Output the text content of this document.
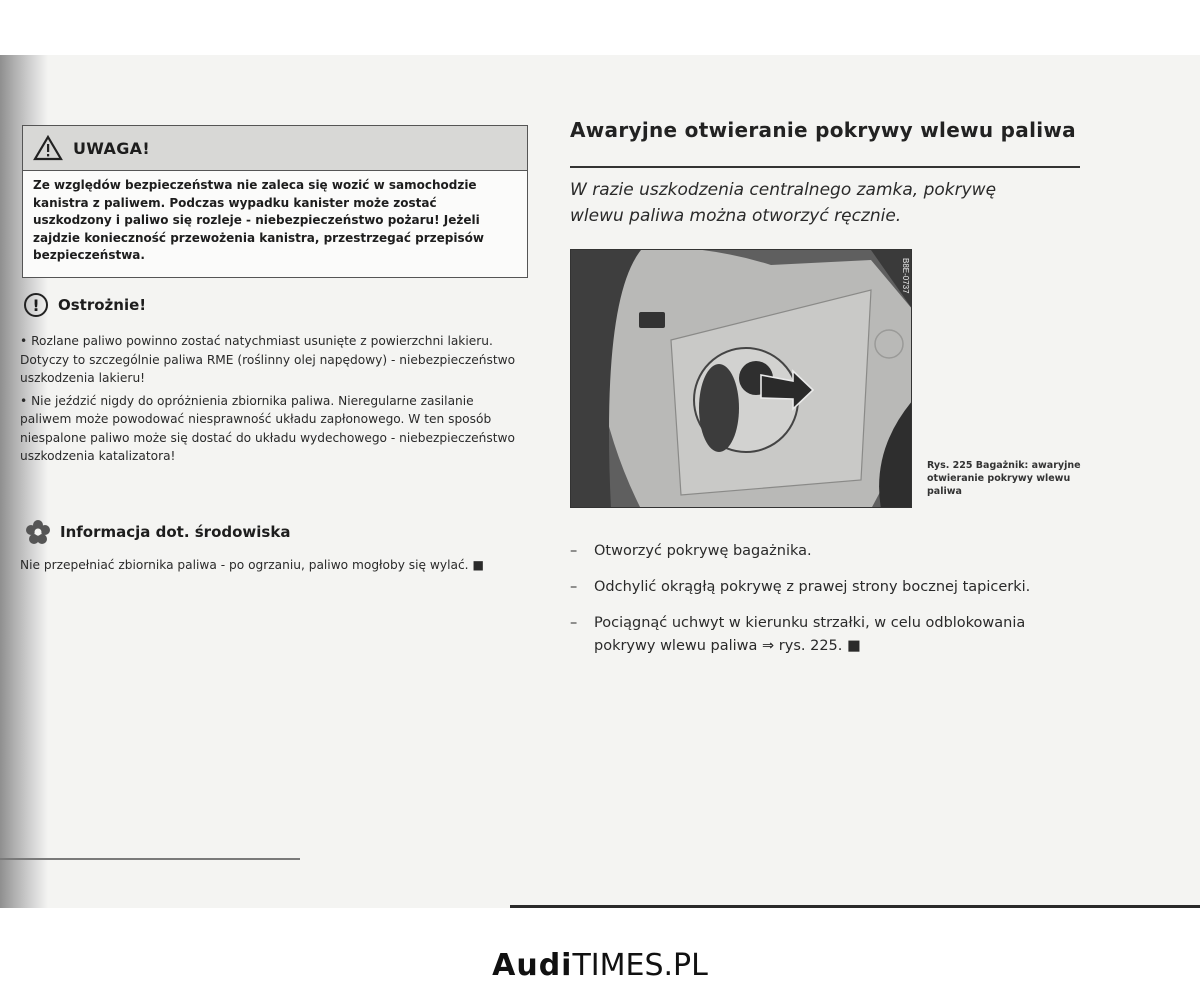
UWAGA!
Ze względów bezpieczeństwa nie zaleca się wozić w samochodzie kanistra z paliwem. Podczas wypadku kanister może zostać uszkodzony i paliwo się rozleje - niebezpieczeństwo pożaru! Jeżeli zajdzie konieczność przewożenia kanistra, przestrzegać przepisów bezpieczeństwa.
!	Ostrożnie!

• Rozlane paliwo powinno zostać natychmiast usunięte z powierzchni lakieru. Dotyczy to szczególnie paliwa RME (roślinny olej napędowy) - niebezpieczeństwo uszkodzenia lakieru!

• Nie jeździć nigdy do opróżnienia zbiornika paliwa. Nieregularne zasilanie paliwem może powodować niesprawność układu zapłonowego. W ten sposób niespalone paliwo może się dostać do układu wydechowego - niebezpieczeństwo uszkodzenia katalizatora!

Informacja dot. środowiska
Nie przepełniać zbiornika paliwa - po ogrzaniu, paliwo mogłoby się wylać. ■
Awaryjne otwieranie pokrywy wlewu paliwa
W razie uszkodzenia centralnego zamka, pokrywę wlewu paliwa można otworzyć ręcznie.
B8E-0737
Rys. 225 Bagażnik: awaryjne otwieranie pokrywy wlewu paliwa
–	Otworzyć pokrywę bagażnika.
–	Odchylić okrągłą pokrywę z prawej strony bocznej tapicerki.
–	Pociągnąć uchwyt w kierunku strzałki, w celu odblokowania pokrywy wlewu paliwa ⇒ rys. 225. ■
AudiTIMES.PL
